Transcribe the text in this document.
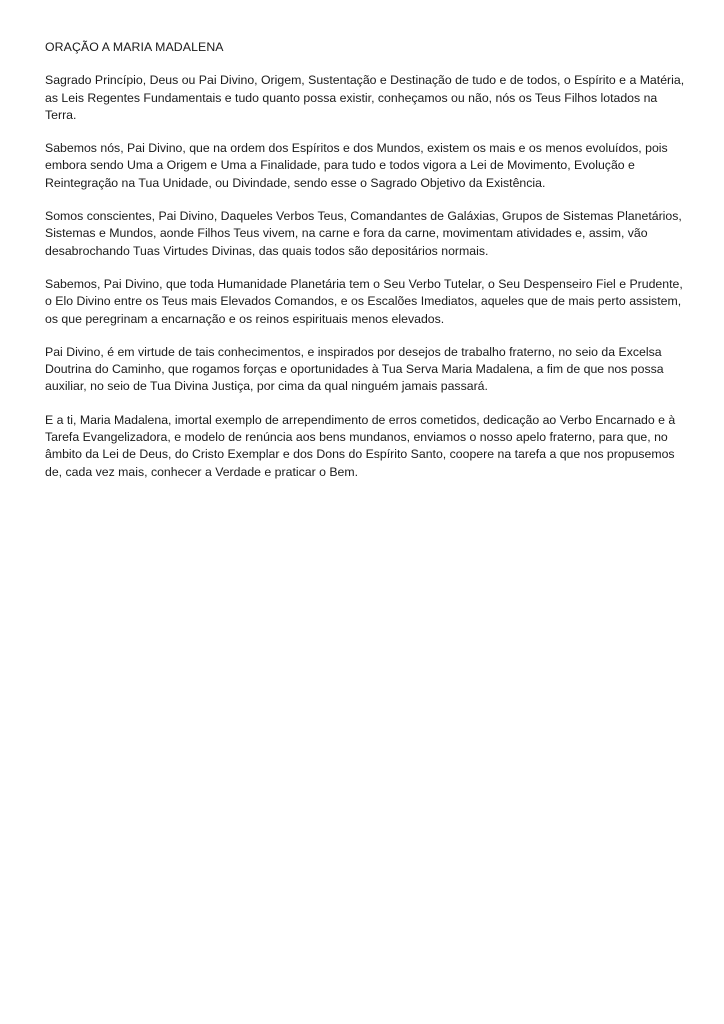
ORAÇÃO A MARIA MADALENA

Sagrado Princípio, Deus ou Pai Divino, Origem, Sustentação e Destinação de tudo e de todos, o Espírito e a Matéria, as Leis Regentes Fundamentais e tudo quanto possa existir, conheçamos ou não, nós os Teus Filhos lotados na Terra.

Sabemos nós, Pai Divino, que na ordem dos Espíritos e dos Mundos, existem os mais e os menos evoluídos, pois embora sendo Uma a Origem e Uma a Finalidade, para tudo e todos vigora a Lei de Movimento, Evolução e Reintegração na Tua Unidade, ou Divindade, sendo esse o Sagrado Objetivo da Existência.

Somos conscientes, Pai Divino, Daqueles Verbos Teus, Comandantes de Galáxias, Grupos de Sistemas Planetários, Sistemas e Mundos, aonde Filhos Teus vivem, na carne e fora da carne, movimentam atividades e, assim, vão desabrochando Tuas Virtudes Divinas, das quais todos são depositários normais.

Sabemos, Pai Divino, que toda Humanidade Planetária tem o Seu Verbo Tutelar, o Seu Despenseiro Fiel e Prudente, o Elo Divino entre os Teus mais Elevados Comandos, e os Escalões Imediatos, aqueles que de mais perto assistem, os que peregrinam a encarnação e os reinos espirituais menos elevados.

Pai Divino, é em virtude de tais conhecimentos, e inspirados por desejos de trabalho fraterno, no seio da Excelsa Doutrina do Caminho, que rogamos forças e oportunidades à Tua Serva Maria Madalena, a fim de que nos possa auxiliar, no seio de Tua Divina Justiça, por cima da qual ninguém jamais passará.

E a ti, Maria Madalena, imortal exemplo de arrependimento de erros cometidos, dedicação ao Verbo Encarnado e à Tarefa Evangelizadora, e modelo de renúncia aos bens mundanos, enviamos o nosso apelo fraterno, para que, no âmbito da Lei de Deus, do Cristo Exemplar e dos Dons do Espírito Santo, coopere na tarefa a que nos propusemos de, cada vez mais, conhecer a Verdade e praticar o Bem.
